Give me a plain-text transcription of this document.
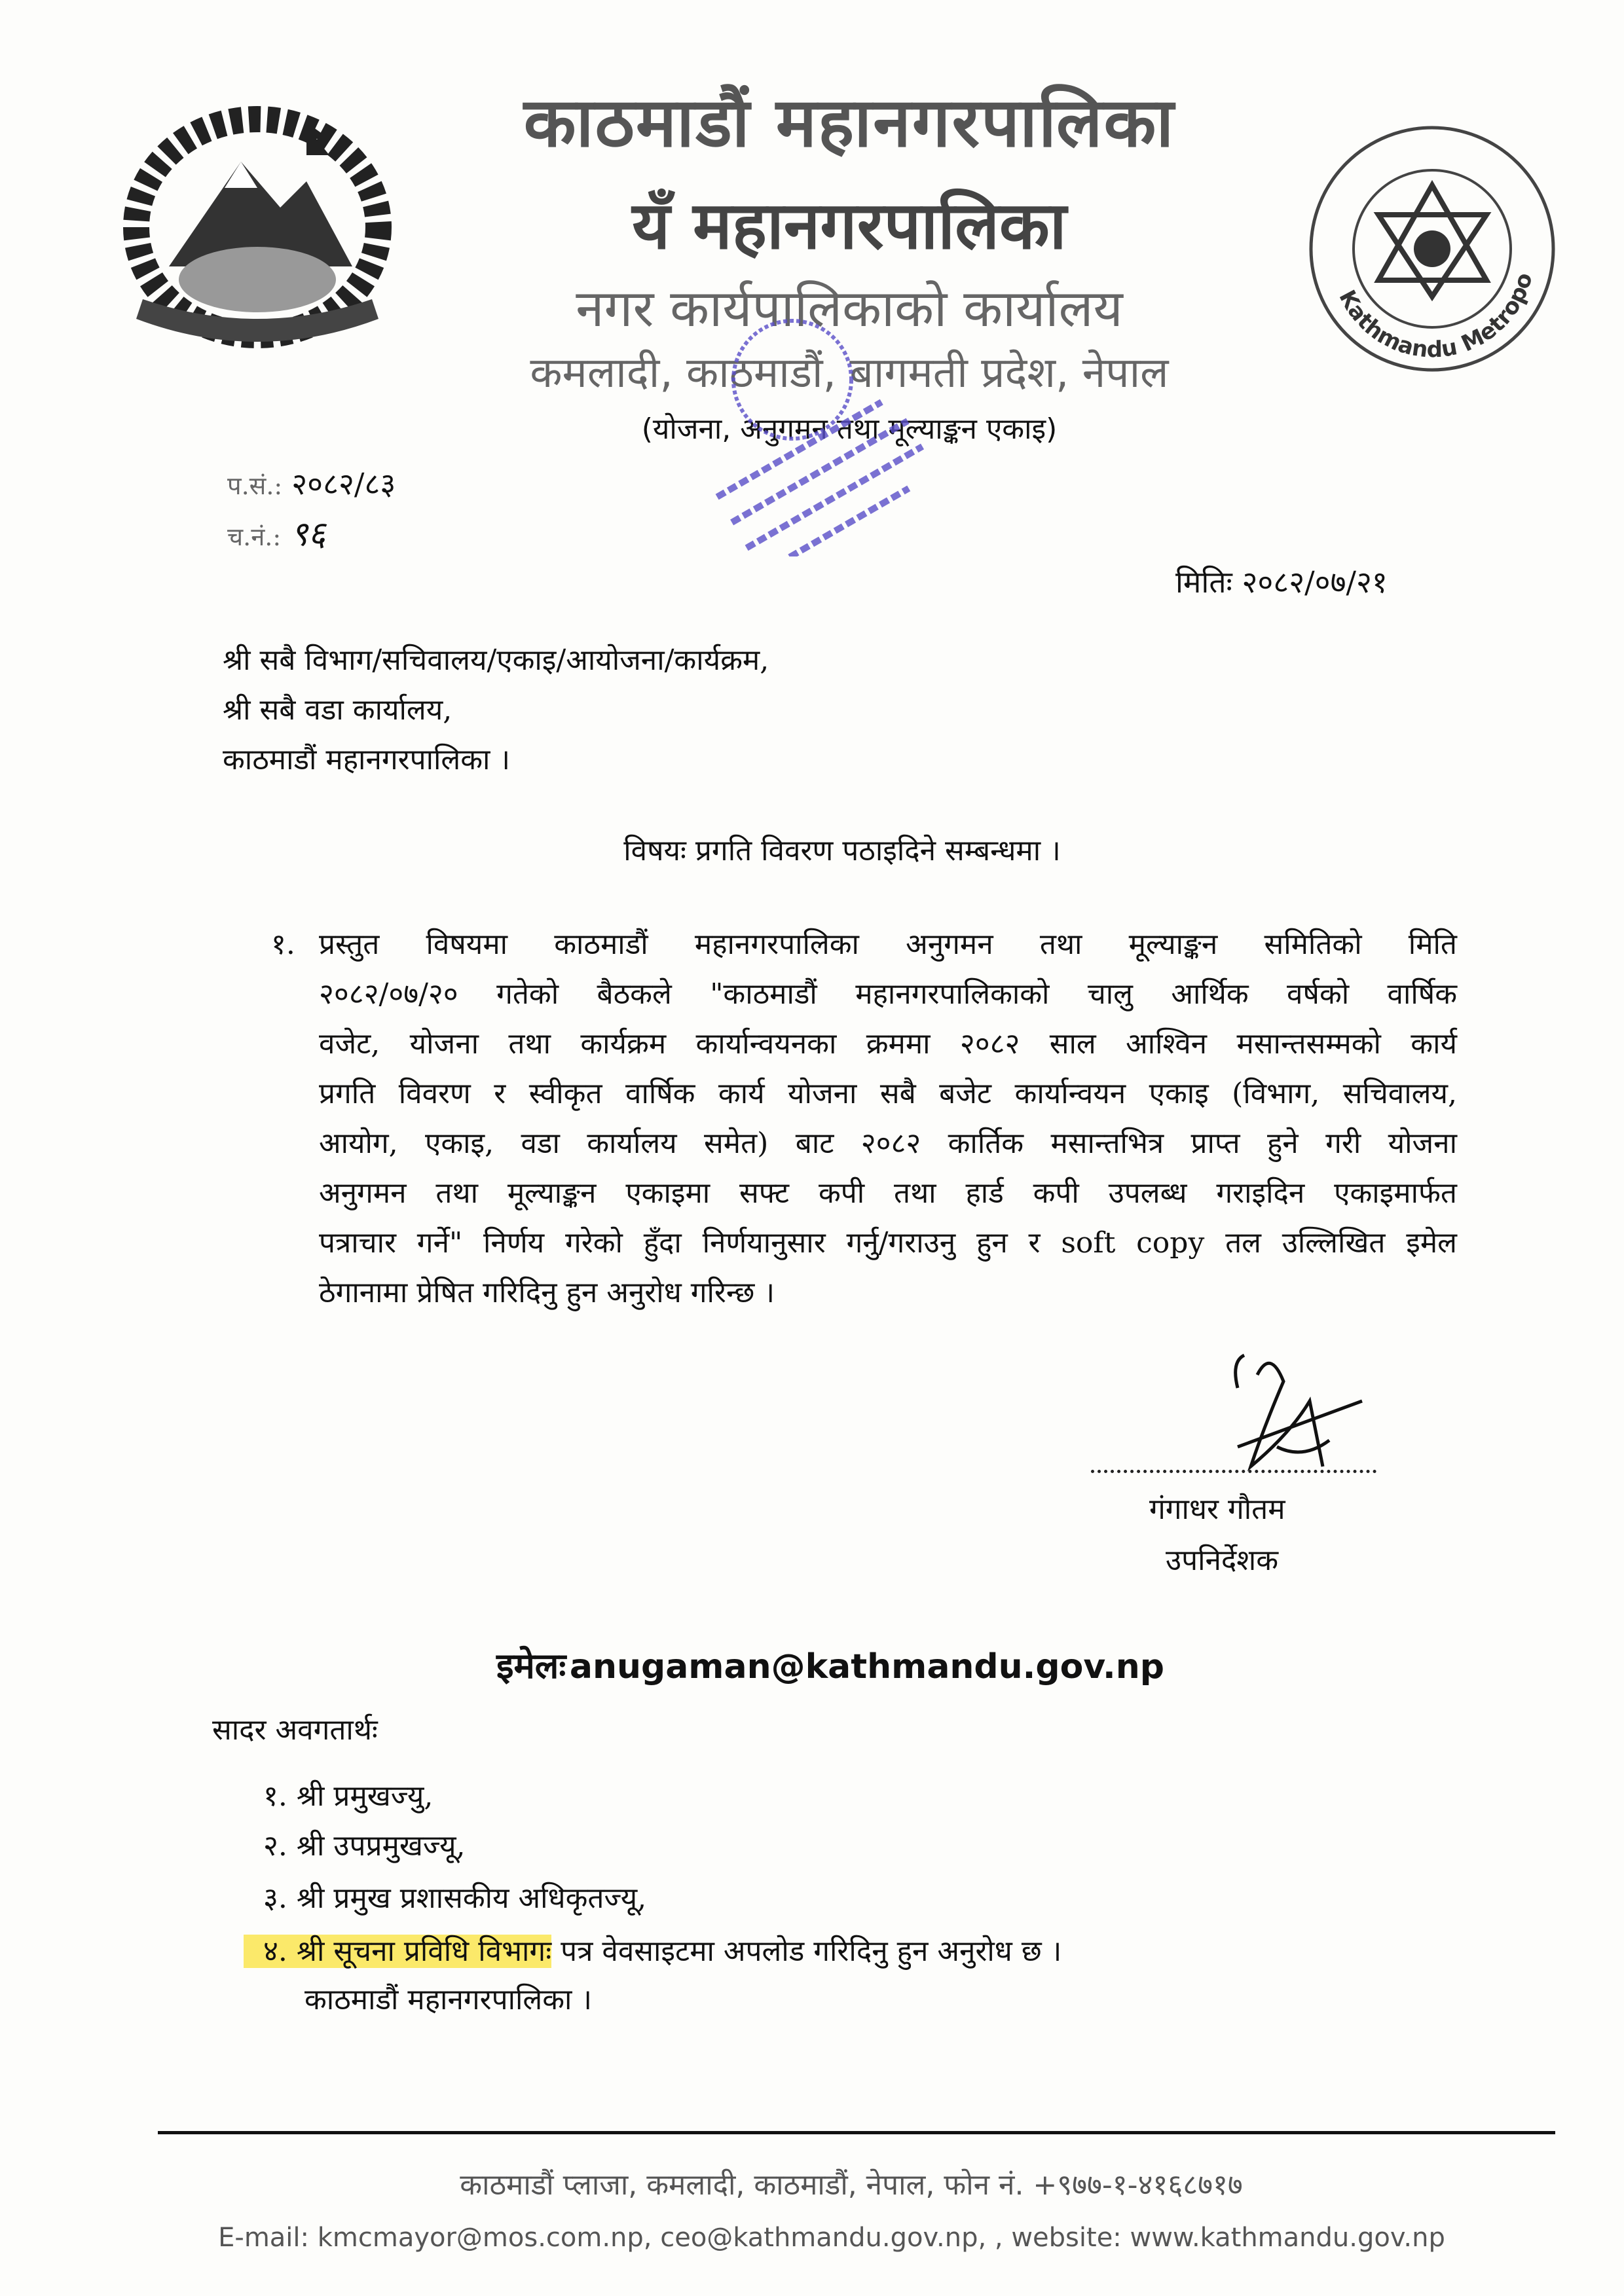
काठमाडौं महानगरपालिका
यँ महानगरपालिका
नगर कार्यपालिकाको कार्यालय
कमलादी, काठमाडौं, बागमती प्रदेश, नेपाल
(योजना, अनुगमन तथा मूल्याङ्कन एकाइ)
Kathmandu Metropo
प.सं.: २०८२/८३
च.नं.: ९६
मितिः २०८२/०७/२१
श्री सबै विभाग/सचिवालय/एकाइ/आयोजना/कार्यक्रम,
श्री सबै वडा कार्यालय,
काठमाडौं महानगरपालिका ।
विषयः प्रगति विवरण पठाइदिने सम्बन्धमा ।
१. प्रस्तुत विषयमा काठमाडौं महानगरपालिका अनुगमन तथा मूल्याङ्कन समितिको मिति
२०८२/०७/२० गतेको बैठकले "काठमाडौं महानगरपालिकाको चालु आर्थिक वर्षको वार्षिक
वजेट, योजना तथा कार्यक्रम कार्यान्वयनका क्रममा २०८२ साल आश्विन मसान्तसम्मको कार्य
प्रगति विवरण र स्वीकृत वार्षिक कार्य योजना सबै बजेट कार्यान्वयन एकाइ (विभाग, सचिवालय,
आयोग, एकाइ, वडा कार्यालय समेत) बाट २०८२ कार्तिक मसान्तभित्र प्राप्त हुने गरी योजना
अनुगमन तथा मूल्याङ्कन एकाइमा सफ्ट कपी तथा हार्ड कपी उपलब्ध गराइदिन एकाइमार्फत
पत्राचार गर्ने" निर्णय गरेको हुँदा निर्णयानुसार गर्नु/गराउनु हुन र soft copy तल उल्लिखित इमेल
ठेगानामा प्रेषित गरिदिनु हुन अनुरोध गरिन्छ ।
गंगाधर गौतम
उपनिर्देशक
इमेलः anugaman@kathmandu.gov.np
सादर अवगतार्थः
१. श्री प्रमुखज्यु,
२. श्री उपप्रमुखज्यू,
३. श्री प्रमुख प्रशासकीय अधिकृतज्यू,
४. श्री सूचना प्रविधि विभागः पत्र वेवसाइटमा अपलोड गरिदिनु हुन अनुरोध छ ।
काठमाडौं महानगरपालिका ।
काठमाडौं प्लाजा, कमलादी, काठमाडौं, नेपाल, फोन नं. +९७७-१-४१६८७१७
E-mail: kmcmayor@mos.com.np, ceo@kathmandu.gov.np, , website: www.kathmandu.gov.np
